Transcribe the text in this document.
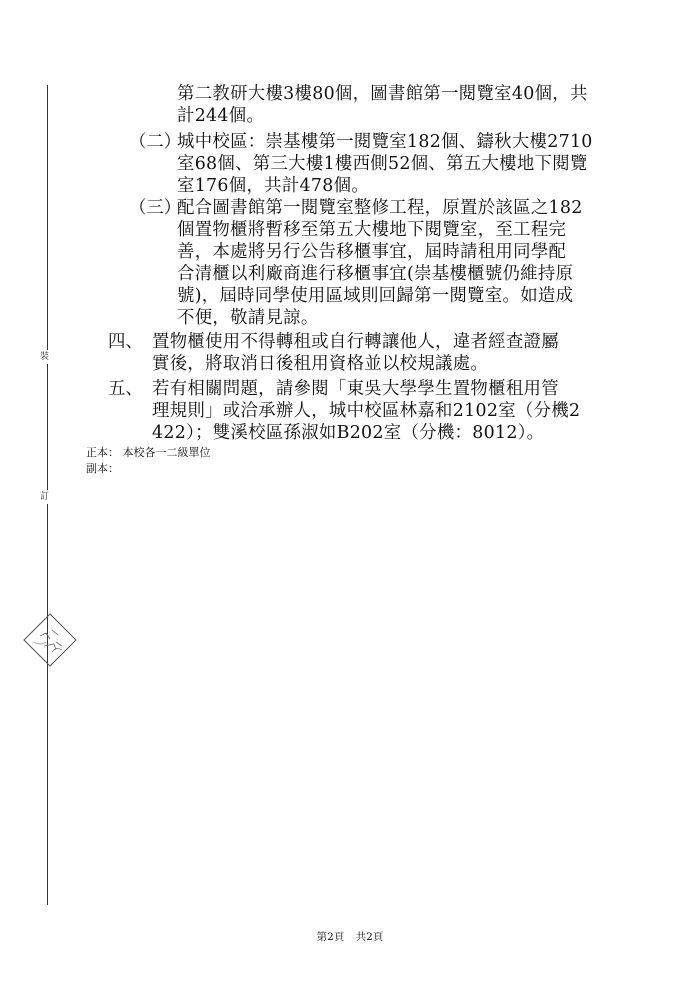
裝
訂
第二教研大樓3樓80個，圖書館第一閱覽室40個，共
計244個。
（二）
城中校區：崇基樓第一閱覽室182個、鑄秋大樓2710
室68個、第三大樓1樓西側52個、第五大樓地下閱覽
室176個，共計478個。
（三）
配合圖書館第一閱覽室整修工程，原置於該區之182
個置物櫃將暫移至第五大樓地下閱覽室，至工程完
善，本處將另行公告移櫃事宜，屆時請租用同學配
合清櫃以利廠商進行移櫃事宜(崇基樓櫃號仍維持原
號)，屆時同學使用區域則回歸第一閱覽室。如造成
不便，敬請見諒。
四、 置物櫃使用不得轉租或自行轉讓他人，違者經查證屬
實後，將取消日後租用資格並以校規議處。
五、 若有相關問題，請參閱「東吳大學學生置物櫃租用管
理規則」或洽承辦人，城中校區林嘉和2102室（分機2
422）；雙溪校區孫淑如B202室（分機：8012）。
正本： 本校各一二級單位
副本：
第2頁 共2頁
